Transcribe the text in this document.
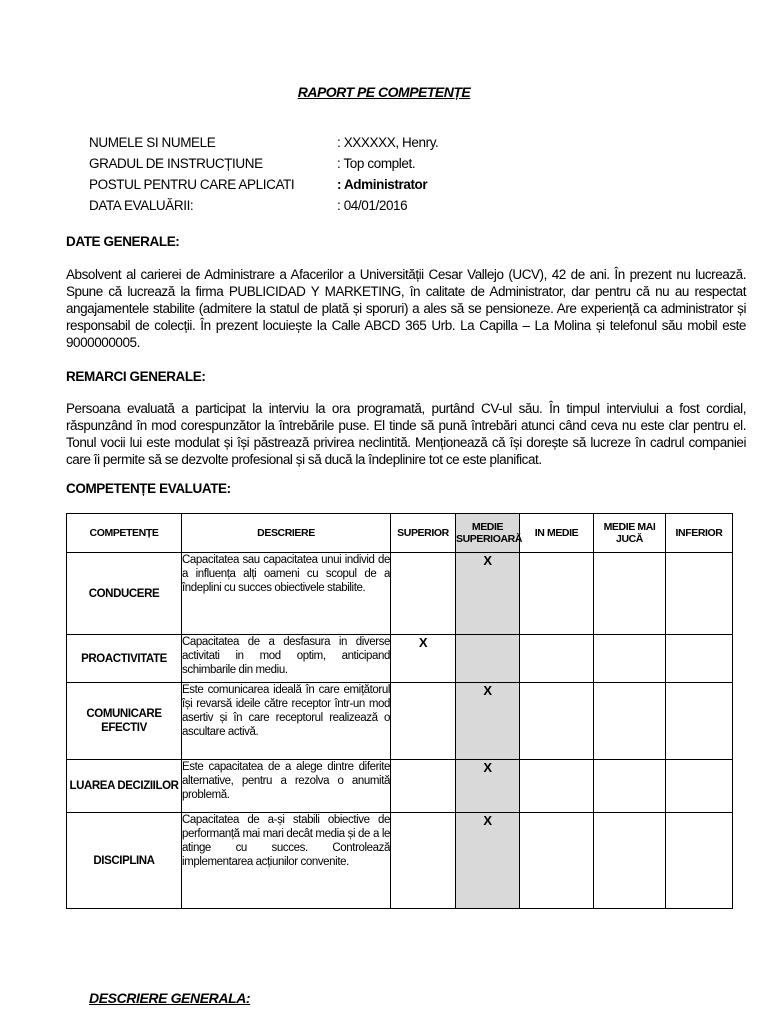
RAPORT PE COMPETENȚE
NUMELE SI NUMELE	: XXXXXX, Henry.
GRADUL DE INSTRUCȚIUNE	: Top complet.
POSTUL PENTRU CARE APLICATI	: Administrator
DATA EVALUĂRII:	: 04/01/2016
DATE GENERALE:
Absolvent al carierei de Administrare a Afacerilor a Universității Cesar Vallejo (UCV), 42 de ani. În prezent nu lucrează. Spune că lucrează la firma PUBLICIDAD Y MARKETING, în calitate de Administrator, dar pentru că nu au respectat angajamentele stabilite (admitere la statul de plată și sporuri) a ales să se pensioneze. Are experiență ca administrator și responsabil de colecții. În prezent locuiește la Calle ABCD 365 Urb. La Capilla – La Molina și telefonul său mobil este 9000000005.
REMARCI GENERALE:
Persoana evaluată a participat la interviu la ora programată, purtând CV-ul său. În timpul interviului a fost cordial, răspunzând în mod corespunzător la întrebările puse. El tinde să pună întrebări atunci când ceva nu este clar pentru el. Tonul vocii lui este modulat și își păstrează privirea neclintită. Menționează că își dorește să lucreze în cadrul companiei care îi permite să se dezvolte profesional și să ducă la îndeplinire tot ce este planificat.
COMPETENȚE EVALUATE:
COMPETENȚE	DESCRIERE	SUPERIOR	MEDIE SUPERIOARĂ	IN MEDIE	MEDIE MAI JUCĂ	INFERIOR
CONDUCERE	Capacitatea sau capacitatea unui individ de a influența alți oameni cu scopul de a îndeplini cu succes obiectivele stabilite.		X			
PROACTIVITATE	Capacitatea de a desfasura in diverse activitati in mod optim, anticipand schimbarile din mediu.	X				
COMUNICARE EFECTIV	Este comunicarea ideală în care emițătorul își revarsă ideile către receptor într-un mod asertiv și în care receptorul realizează o ascultare activă.		X			
LUAREA DECIZIILOR	Este capacitatea de a alege dintre diferite alternative, pentru a rezolva o anumită problemă.		X			
DISCIPLINA	Capacitatea de a-și stabili obiective de performanță mai mari decât media și de a le atinge cu succes. Controlează implementarea acțiunilor convenite.		X			
DESCRIERE GENERALA:
